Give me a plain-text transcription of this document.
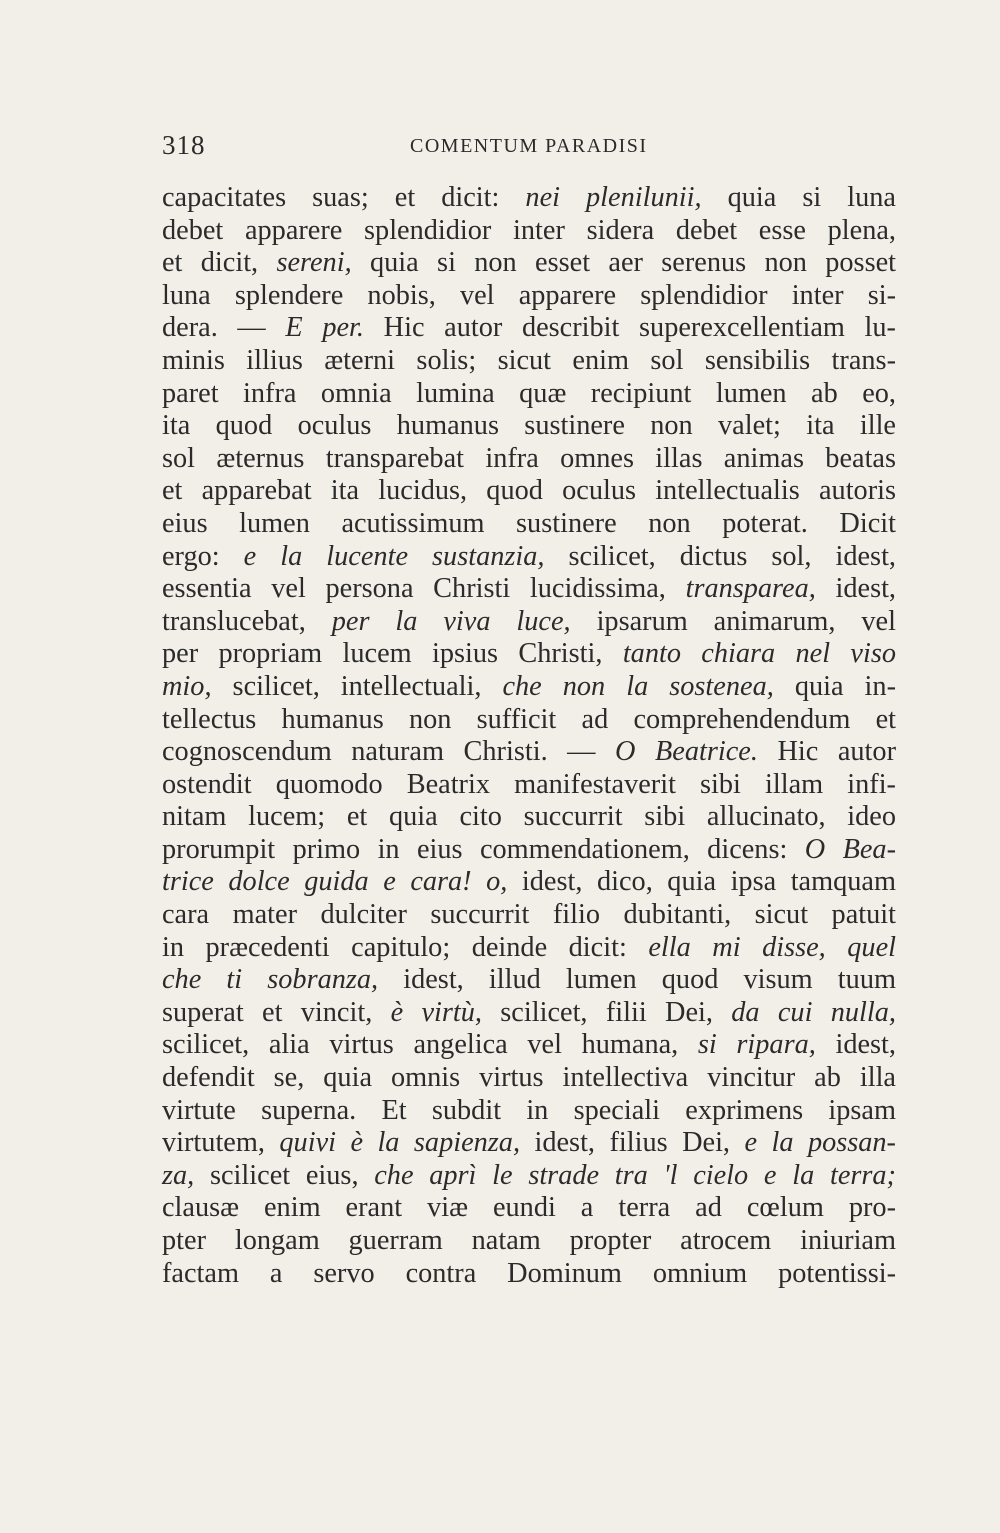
318	COMENTUM PARADISI
capacitates suas; et dicit: nei plenilunii, quia si luna
debet apparere splendidior inter sidera debet esse plena,
et dicit, sereni, quia si non esset aer serenus non posset
luna splendere nobis, vel apparere splendidior inter si-
dera. — E per. Hic autor describit superexcellentiam lu-
minis illius æterni solis; sicut enim sol sensibilis trans-
paret infra omnia lumina quæ recipiunt lumen ab eo,
ita quod oculus humanus sustinere non valet; ita ille
sol æternus transparebat infra omnes illas animas beatas
et apparebat ita lucidus, quod oculus intellectualis autoris
eius lumen acutissimum sustinere non poterat. Dicit
ergo: e la lucente sustanzia, scilicet, dictus sol, idest,
essentia vel persona Christi lucidissima, transparea, idest,
translucebat, per la viva luce, ipsarum animarum, vel
per propriam lucem ipsius Christi, tanto chiara nel viso
mio, scilicet, intellectuali, che non la sostenea, quia in-
tellectus humanus non sufficit ad comprehendendum et
cognoscendum naturam Christi. — O Beatrice. Hic autor
ostendit quomodo Beatrix manifestaverit sibi illam infi-
nitam lucem; et quia cito succurrit sibi allucinato, ideo
prorumpit primo in eius commendationem, dicens: O Bea-
trice dolce guida e cara! o, idest, dico, quia ipsa tamquam
cara mater dulciter succurrit filio dubitanti, sicut patuit
in præcedenti capitulo; deinde dicit: ella mi disse, quel
che ti sobranza, idest, illud lumen quod visum tuum
superat et vincit, è virtù, scilicet, filii Dei, da cui nulla,
scilicet, alia virtus angelica vel humana, si ripara, idest,
defendit se, quia omnis virtus intellectiva vincitur ab illa
virtute superna. Et subdit in speciali exprimens ipsam
virtutem, quivi è la sapienza, idest, filius Dei, e la possan-
za, scilicet eius, che aprì le strade tra 'l cielo e la terra;
clausæ enim erant viæ eundi a terra ad cœlum pro-
pter longam guerram natam propter atrocem iniuriam
factam a servo contra Dominum omnium potentissi-
